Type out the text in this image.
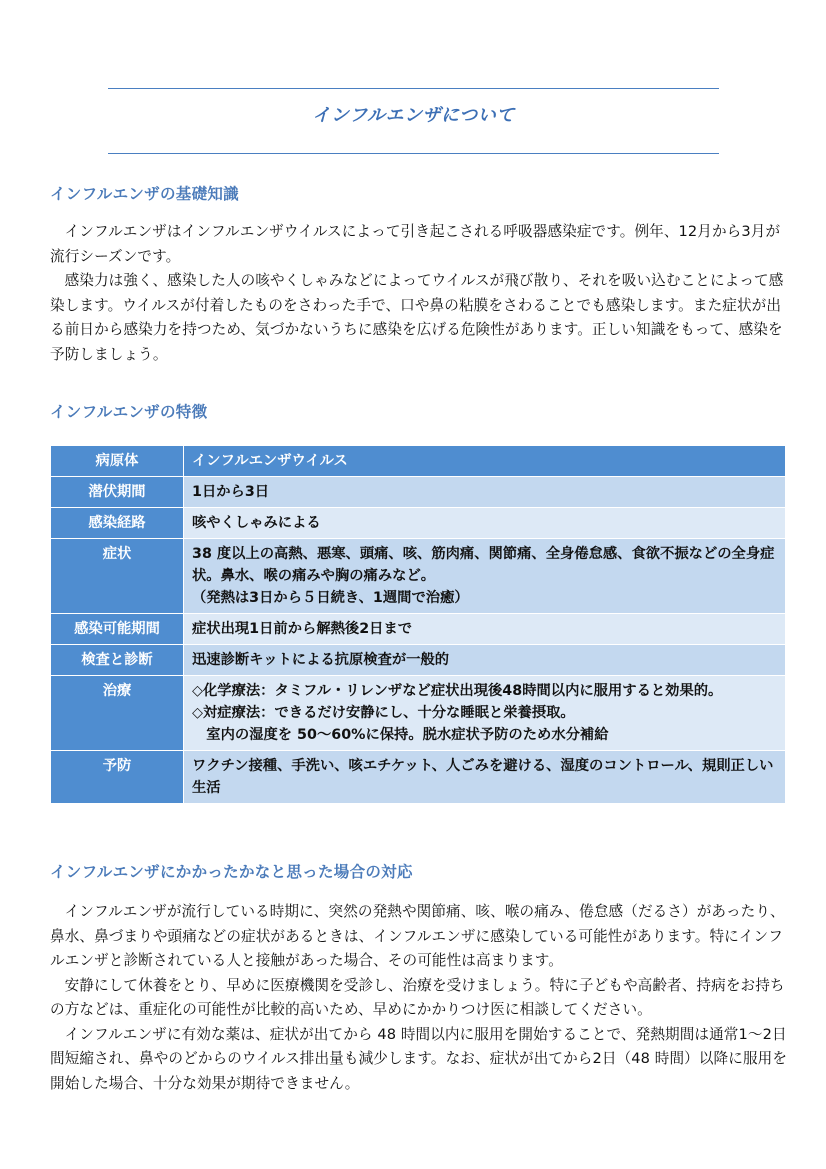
インフルエンザについて
インフルエンザの基礎知識

インフルエンザはインフルエンザウイルスによって引き起こされる呼吸器感染症です。例年、12月から3月が流行シーズンです。

感染力は強く、感染した人の咳やくしゃみなどによってウイルスが飛び散り、それを吸い込むことによって感染します。ウイルスが付着したものをさわった手で、口や鼻の粘膜をさわることでも感染します。また症状が出る前日から感染力を持つため、気づかないうちに感染を広げる危険性があります。正しい知識をもって、感染を予防しましょう。

インフルエンザの特徴
病原体	インフルエンザウイルス

潜伏期間	1日から3日

感染経路	咳やくしゃみによる

症状	38 度以上の高熱、悪寒、頭痛、咳、筋肉痛、関節痛、全身倦怠感、食欲不振などの全身症状。鼻水、喉の痛みや胸の痛みなど。
（発熱は3日から５日続き、1週間で治癒）

感染可能期間	症状出現1日前から解熱後2日まで

検査と診断	迅速診断キットによる抗原検査が一般的

治療	◇化学療法：タミフル・リレンザなど症状出現後48時間以内に服用すると効果的。
◇対症療法：できるだけ安静にし、十分な睡眠と栄養摂取。
　室内の湿度を 50～60%に保持。脱水症状予防のため水分補給

予防	ワクチン接種、手洗い、咳エチケット、人ごみを避ける、湿度のコントロール、規則正しい生活
インフルエンザにかかったかなと思った場合の対応

インフルエンザが流行している時期に、突然の発熱や関節痛、咳、喉の痛み、倦怠感（だるさ）があったり、鼻水、鼻づまりや頭痛などの症状があるときは、インフルエンザに感染している可能性があります。特にインフルエンザと診断されている人と接触があった場合、その可能性は高まります。

安静にして休養をとり、早めに医療機関を受診し、治療を受けましょう。特に子どもや高齢者、持病をお持ちの方などは、重症化の可能性が比較的高いため、早めにかかりつけ医に相談してください。

インフルエンザに有効な薬は、症状が出てから 48 時間以内に服用を開始することで、発熱期間は通常1～2日間短縮され、鼻やのどからのウイルス排出量も減少します。なお、症状が出てから2日（48 時間）以降に服用を開始した場合、十分な効果が期待できません。
